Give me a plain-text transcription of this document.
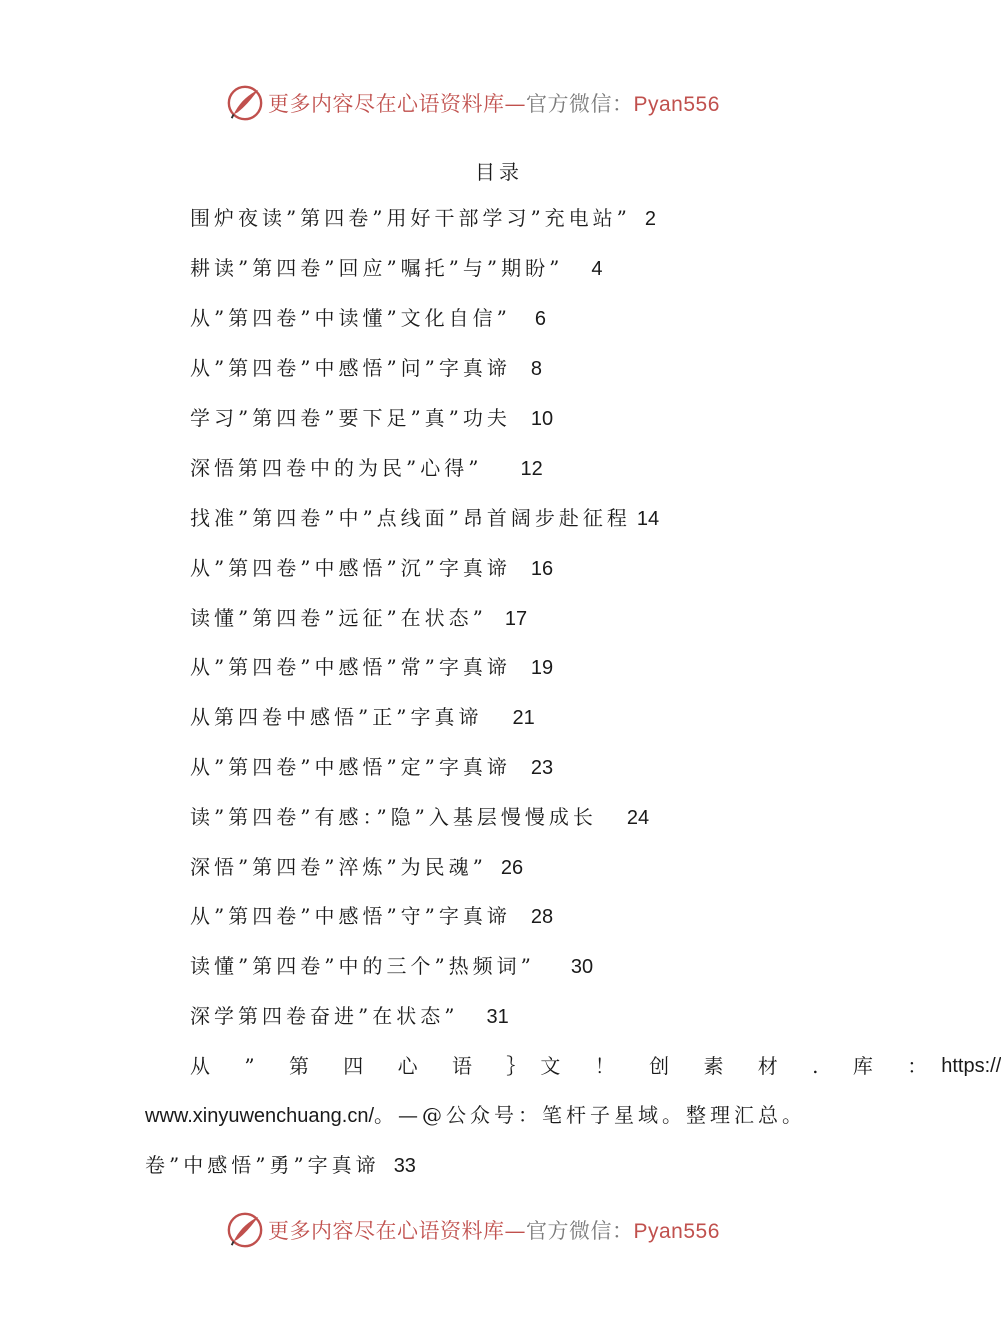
更多内容尽在心语资料库—官方微信：Pyan556
目录
围炉夜读”第四卷”用好干部学习”充电站” 2
耕读”第四卷”回应”嘱托”与”期盼” 4
从”第四卷”中读懂”文化自信” 6
从”第四卷”中感悟”问”字真谛 8
学习”第四卷”要下足”真”功夫 10
深悟第四卷中的为民”心得” 12
找准”第四卷”中”点线面”昂首阔步赴征程 14
从”第四卷”中感悟”沉”字真谛 16
读懂”第四卷”远征”在状态” 17
从”第四卷”中感悟”常”字真谛 19
从第四卷中感悟”正”字真谛 21
从”第四卷”中感悟”定”字真谛 23
读”第四卷”有感：”隐”入基层慢慢成长 24
深悟”第四卷”淬炼”为民魂” 26
从”第四卷”中感悟”守”字真谛 28
读懂”第四卷”中的三个”热频词” 30
深学第四卷奋进”在状态” 31
从 ” 第 四 心 语 ｝文 ！ 创 素 材 . 库 ： https://
www.xinyuwenchuang.cn/。—@公众号：笔杆子星域。整理汇总。
卷”中感悟”勇”字真谛 33
更多内容尽在心语资料库—官方微信：Pyan556
